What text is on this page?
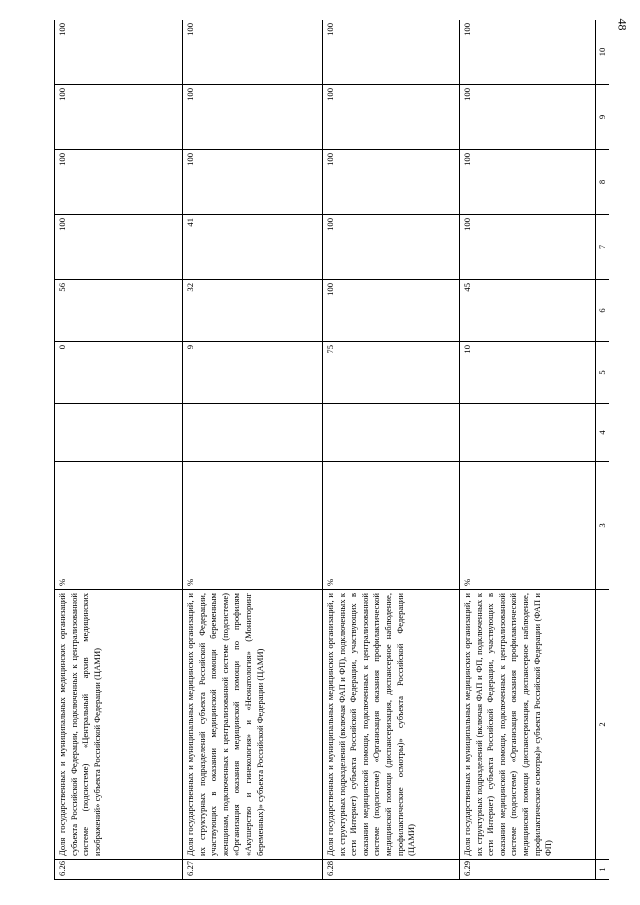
48
6.26	Доля государственных и муниципальных медицинских организаций субъекта Российской Федерации, подключенных к централизованной системе (подсистеме) «Центральный архив медицинских изображений» субъекта Российской Федерации (ЦАМИ)	%		0	56	100	100	100	100
6.27	Доля государственных и муниципальных медицинских организаций, и их структурных подразделений субъекта Российской Федерации, участвующих в оказании медицинской помощи беременным женщинам, подключенных к централизованной системе (подсистеме) «Организация оказания медицинской помощи по профилям «Акушерство и гинекология» и «Неонатология» (Мониторинг беременных)» субъекта Российской Федерации (ЦАМИ)	%		9	32	41	100	100	100
6.28	Доля государственных и муниципальных медицинских организаций, и их структурных подразделений (включая ФАП и ФП), подключенных к сети Интернет) субъекта Российской Федерации, участвующих в оказании медицинской помощи, подключенных к централизованной системе (подсистеме) «Организация оказания профилактической медицинской помощи (диспансеризация, диспансерное наблюдение, профилактические осмотры)» субъекта Российской Федерации (ЦАМИ)	%		75	100	100	100	100	100
6.29	Доля государственных и муниципальных медицинских организаций, и их структурных подразделений (включая ФАП и ФП, подключенных к сети Интернет) субъекта Российской Федерации, участвующих в оказании медицинской помощи, подключенных к централизованной системе (подсистеме) «Организация оказания профилактической медицинской помощи (диспансеризация, диспансерное наблюдение, профилактические осмотры)» субъекта Российской Федерации (ФАП и ФП)	%		10	45	100	100	100	100
1	2	3	4	5	6	7	8	9	10
